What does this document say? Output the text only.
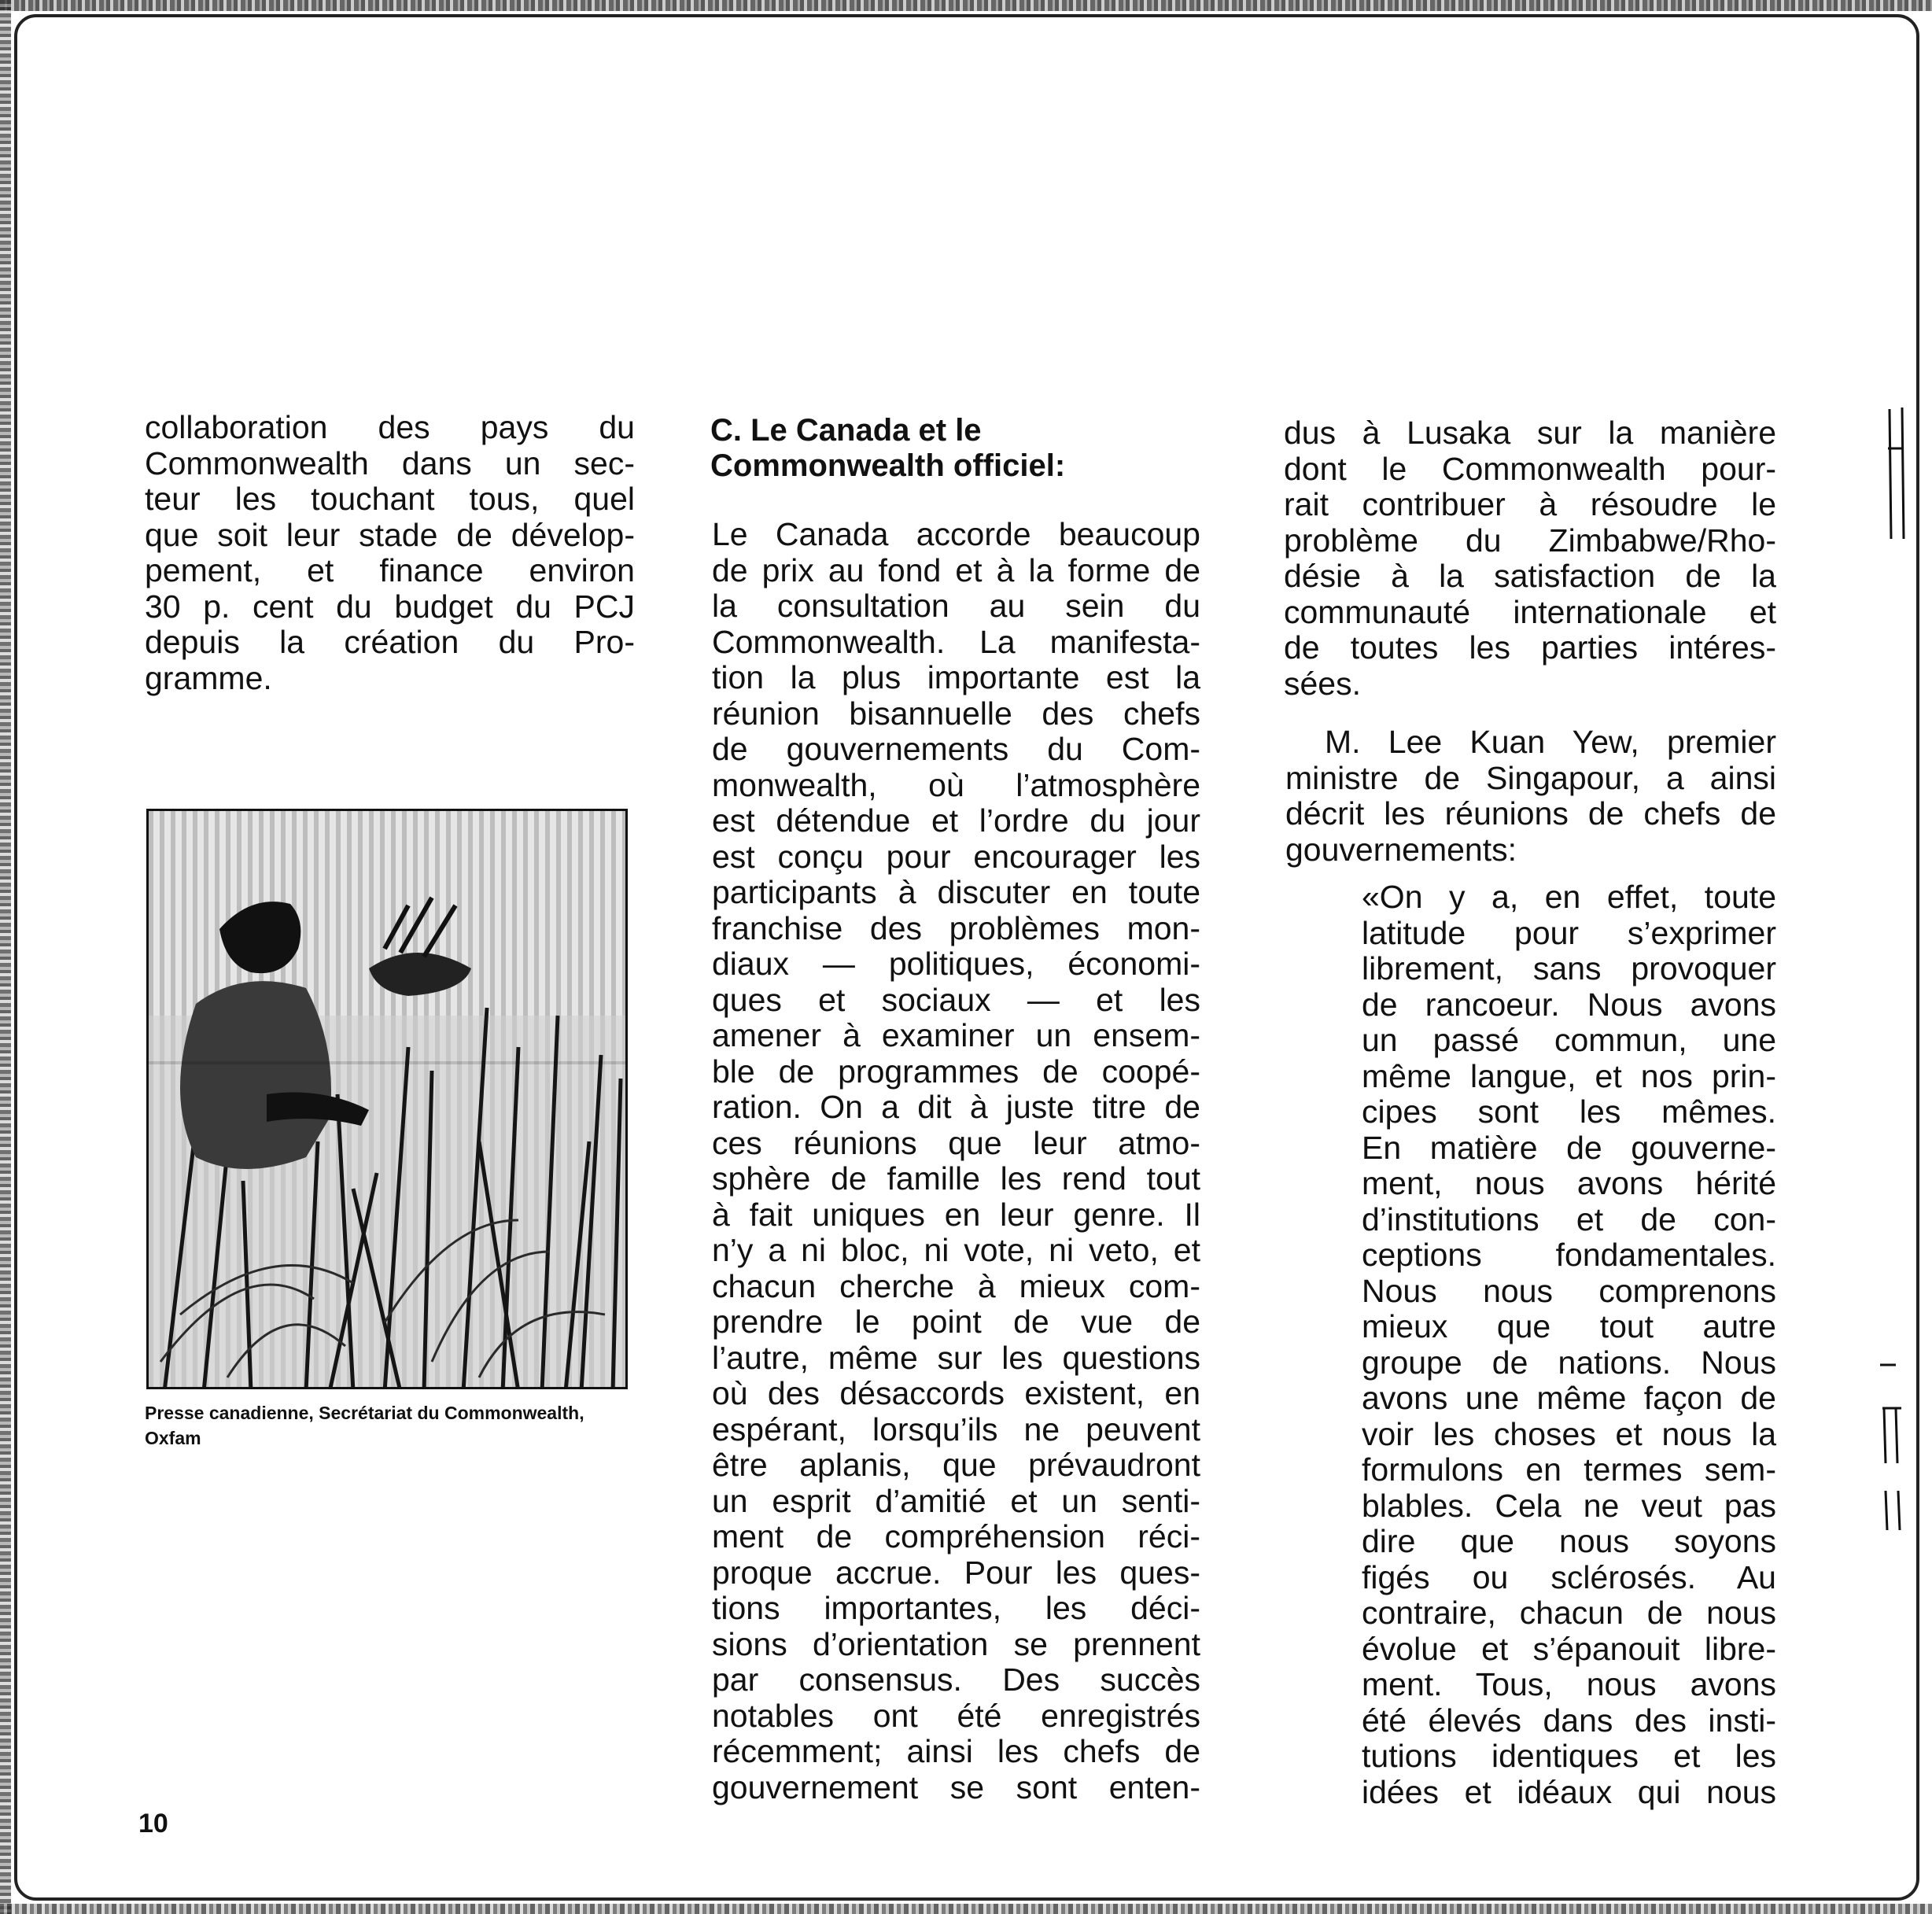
collaboration des pays du
Commonwealth dans un sec-
teur les touchant tous, quel
que soit leur stade de dévelop-
pement, et finance environ
30 p. cent du budget du PCJ
depuis la création du Pro-
gramme.
Presse canadienne, Secrétariat du Commonwealth,
Oxfam
C. Le Canada et le
Commonwealth officiel:
Le Canada accorde beaucoup
de prix au fond et à la forme de
la consultation au sein du
Commonwealth. La manifesta-
tion la plus importante est la
réunion bisannuelle des chefs
de gouvernements du Com-
monwealth, où l’atmosphère
est détendue et l’ordre du jour
est conçu pour encourager les
participants à discuter en toute
franchise des problèmes mon-
diaux — politiques, économi-
ques et sociaux — et les
amener à examiner un ensem-
ble de programmes de coopé-
ration. On a dit à juste titre de
ces réunions que leur atmo-
sphère de famille les rend tout
à fait uniques en leur genre. Il
n’y a ni bloc, ni vote, ni veto, et
chacun cherche à mieux com-
prendre le point de vue de
l’autre, même sur les questions
où des désaccords existent, en
espérant, lorsqu’ils ne peuvent
être aplanis, que prévaudront
un esprit d’amitié et un senti-
ment de compréhension réci-
proque accrue. Pour les ques-
tions importantes, les déci-
sions d’orientation se prennent
par consensus. Des succès
notables ont été enregistrés
récemment; ainsi les chefs de
gouvernement se sont enten-
dus à Lusaka sur la manière
dont le Commonwealth pour-
rait contribuer à résoudre le
problème du Zimbabwe/Rho-
désie à la satisfaction de la
communauté internationale et
de toutes les parties intéres-
sées.
M. Lee Kuan Yew, premier
ministre de Singapour, a ainsi
décrit les réunions de chefs de
gouvernements:
«On y a, en effet, toute
latitude pour s’exprimer
librement, sans provoquer
de rancoeur. Nous avons
un passé commun, une
même langue, et nos prin-
cipes sont les mêmes.
En matière de gouverne-
ment, nous avons hérité
d’institutions et de con-
ceptions fondamentales.
Nous nous comprenons
mieux que tout autre
groupe de nations. Nous
avons une même façon de
voir les choses et nous la
formulons en termes sem-
blables. Cela ne veut pas
dire que nous soyons
figés ou sclérosés. Au
contraire, chacun de nous
évolue et s’épanouit libre-
ment. Tous, nous avons
été élevés dans des insti-
tutions identiques et les
idées et idéaux qui nous
10
